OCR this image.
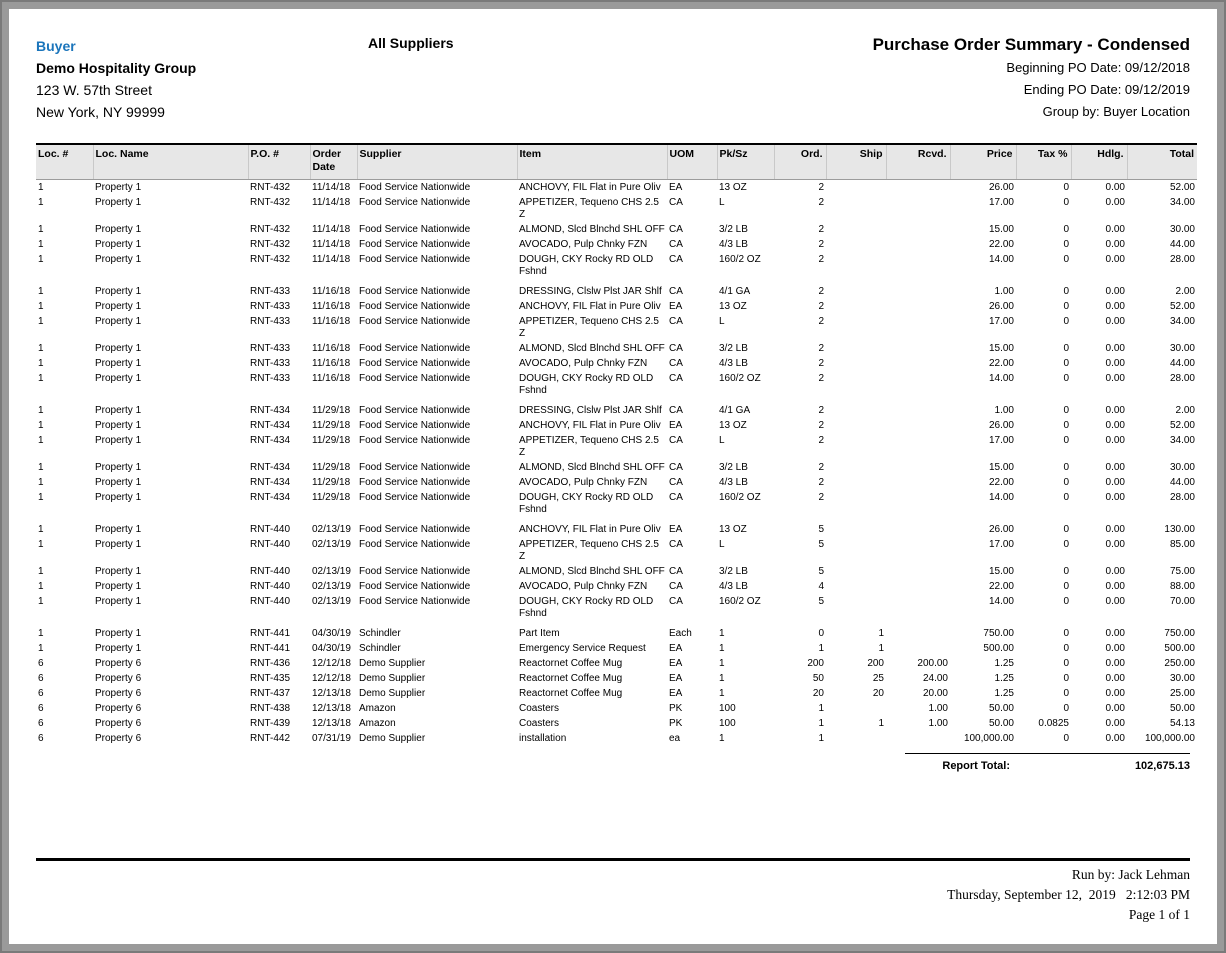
Buyer
Demo Hospitality Group
123 W. 57th Street
New York, NY 99999
All Suppliers	Purchase Order Summary - Condensed
Beginning PO Date: 09/12/2018
Ending PO Date: 09/12/2019
Group by: Buyer Location
Loc. #	Loc. Name	P.O. #	Order Date	Supplier	Item	UOM	Pk/Sz	Ord.	Ship	Rcvd.	Price	Tax %	Hdlg.	Total
1	Property 1	RNT-432	11/14/18	Food Service Nationwide	ANCHOVY, FIL Flat in Pure Oliv	EA	13 OZ	2			26.00	0	0.00	52.00
1	Property 1	RNT-432	11/14/18	Food Service Nationwide	APPETIZER, Tequeno CHS 2.5 Z	CA	L	2			17.00	0	0.00	34.00
1	Property 1	RNT-432	11/14/18	Food Service Nationwide	ALMOND, Slcd Blnchd SHL OFF	CA	3/2 LB	2			15.00	0	0.00	30.00
1	Property 1	RNT-432	11/14/18	Food Service Nationwide	AVOCADO, Pulp Chnky FZN	CA	4/3 LB	2			22.00	0	0.00	44.00
1	Property 1	RNT-432	11/14/18	Food Service Nationwide	DOUGH, CKY Rocky RD OLD Fshnd	CA	160/2 OZ	2			14.00	0	0.00	28.00

1	Property 1	RNT-433	11/16/18	Food Service Nationwide	DRESSING, Clslw Plst JAR Shlf	CA	4/1 GA	2			1.00	0	0.00	2.00
1	Property 1	RNT-433	11/16/18	Food Service Nationwide	ANCHOVY, FIL Flat in Pure Oliv	EA	13 OZ	2			26.00	0	0.00	52.00
1	Property 1	RNT-433	11/16/18	Food Service Nationwide	APPETIZER, Tequeno CHS 2.5 Z	CA	L	2			17.00	0	0.00	34.00
1	Property 1	RNT-433	11/16/18	Food Service Nationwide	ALMOND, Slcd Blnchd SHL OFF	CA	3/2 LB	2			15.00	0	0.00	30.00
1	Property 1	RNT-433	11/16/18	Food Service Nationwide	AVOCADO, Pulp Chnky FZN	CA	4/3 LB	2			22.00	0	0.00	44.00
1	Property 1	RNT-433	11/16/18	Food Service Nationwide	DOUGH, CKY Rocky RD OLD Fshnd	CA	160/2 OZ	2			14.00	0	0.00	28.00

1	Property 1	RNT-434	11/29/18	Food Service Nationwide	DRESSING, Clslw Plst JAR Shlf	CA	4/1 GA	2			1.00	0	0.00	2.00
1	Property 1	RNT-434	11/29/18	Food Service Nationwide	ANCHOVY, FIL Flat in Pure Oliv	EA	13 OZ	2			26.00	0	0.00	52.00
1	Property 1	RNT-434	11/29/18	Food Service Nationwide	APPETIZER, Tequeno CHS 2.5 Z	CA	L	2			17.00	0	0.00	34.00
1	Property 1	RNT-434	11/29/18	Food Service Nationwide	ALMOND, Slcd Blnchd SHL OFF	CA	3/2 LB	2			15.00	0	0.00	30.00
1	Property 1	RNT-434	11/29/18	Food Service Nationwide	AVOCADO, Pulp Chnky FZN	CA	4/3 LB	2			22.00	0	0.00	44.00
1	Property 1	RNT-434	11/29/18	Food Service Nationwide	DOUGH, CKY Rocky RD OLD Fshnd	CA	160/2 OZ	2			14.00	0	0.00	28.00

1	Property 1	RNT-440	02/13/19	Food Service Nationwide	ANCHOVY, FIL Flat in Pure Oliv	EA	13 OZ	5			26.00	0	0.00	130.00
1	Property 1	RNT-440	02/13/19	Food Service Nationwide	APPETIZER, Tequeno CHS 2.5 Z	CA	L	5			17.00	0	0.00	85.00
1	Property 1	RNT-440	02/13/19	Food Service Nationwide	ALMOND, Slcd Blnchd SHL OFF	CA	3/2 LB	5			15.00	0	0.00	75.00
1	Property 1	RNT-440	02/13/19	Food Service Nationwide	AVOCADO, Pulp Chnky FZN	CA	4/3 LB	4			22.00	0	0.00	88.00
1	Property 1	RNT-440	02/13/19	Food Service Nationwide	DOUGH, CKY Rocky RD OLD Fshnd	CA	160/2 OZ	5			14.00	0	0.00	70.00

1	Property 1	RNT-441	04/30/19	Schindler	Part Item	Each	1	0	1		750.00	0	0.00	750.00
1	Property 1	RNT-441	04/30/19	Schindler	Emergency Service Request	EA	1	1	1		500.00	0	0.00	500.00
6	Property 6	RNT-436	12/12/18	Demo Supplier	Reactornet Coffee Mug	EA	1	200	200	200.00	1.25	0	0.00	250.00
6	Property 6	RNT-435	12/12/18	Demo Supplier	Reactornet Coffee Mug	EA	1	50	25	24.00	1.25	0	0.00	30.00
6	Property 6	RNT-437	12/13/18	Demo Supplier	Reactornet Coffee Mug	EA	1	20	20	20.00	1.25	0	0.00	25.00
6	Property 6	RNT-438	12/13/18	Amazon	Coasters	PK	100	1		1.00	50.00	0	0.00	50.00
6	Property 6	RNT-439	12/13/18	Amazon	Coasters	PK	100	1	1	1.00	50.00	0.0825	0.00	54.13
6	Property 6	RNT-442	07/31/19	Demo Supplier	installation	ea	1	1			100,000.00	0	0.00	100,000.00
Report Total:	102,675.13
Run by: Jack Lehman
Thursday, September 12,  2019   2:12:03 PM
Page 1 of 1
